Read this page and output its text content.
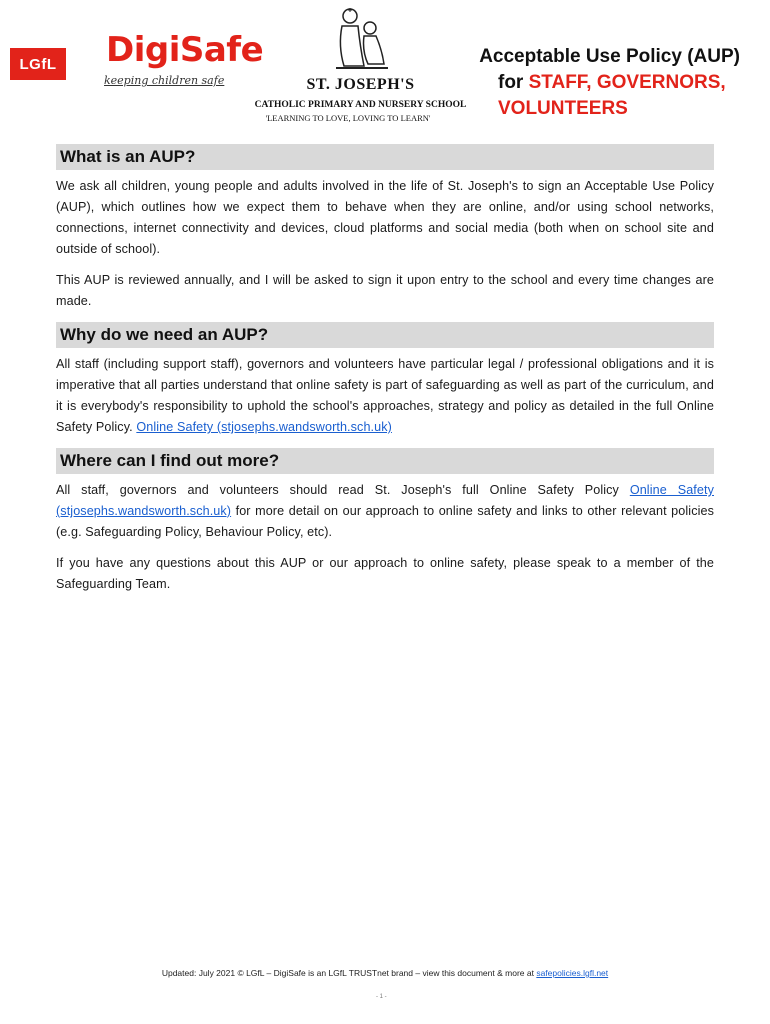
LGfL DigiSafe
keeping children safe	ST. JOSEPH'S
CATHOLIC PRIMARY AND NURSERY SCHOOL
'LEARNING TO LOVE, LOVING TO LEARN'
Acceptable Use Policy (AUP)
for STAFF, GOVERNORS,
VOLUNTEERS
What is an AUP?

We ask all children, young people and adults involved in the life of St. Joseph's to sign an Acceptable Use Policy (AUP), which outlines how we expect them to behave when they are online, and/or using school networks, connections, internet connectivity and devices, cloud platforms and social media (both when on school site and outside of school).

This AUP is reviewed annually, and I will be asked to sign it upon entry to the school and every time changes are made.

Why do we need an AUP?

All staff (including support staff), governors and volunteers have particular legal / professional obligations and it is imperative that all parties understand that online safety is part of safeguarding as well as part of the curriculum, and it is everybody's responsibility to uphold the school's approaches, strategy and policy as detailed in the full Online Safety Policy. Online Safety (stjosephs.wandsworth.sch.uk)

Where can I find out more?

All staff, governors and volunteers should read St. Joseph's full Online Safety Policy Online Safety (stjosephs.wandsworth.sch.uk) for more detail on our approach to online safety and links to other relevant policies (e.g. Safeguarding Policy, Behaviour Policy, etc).

If you have any questions about this AUP or our approach to online safety, please speak to a member of the Safeguarding Team.

Updated: July 2021 © LGfL – DigiSafe is an LGfL TRUSTnet brand – view this document & more at safepolicies.lgfl.net
- 1 -
